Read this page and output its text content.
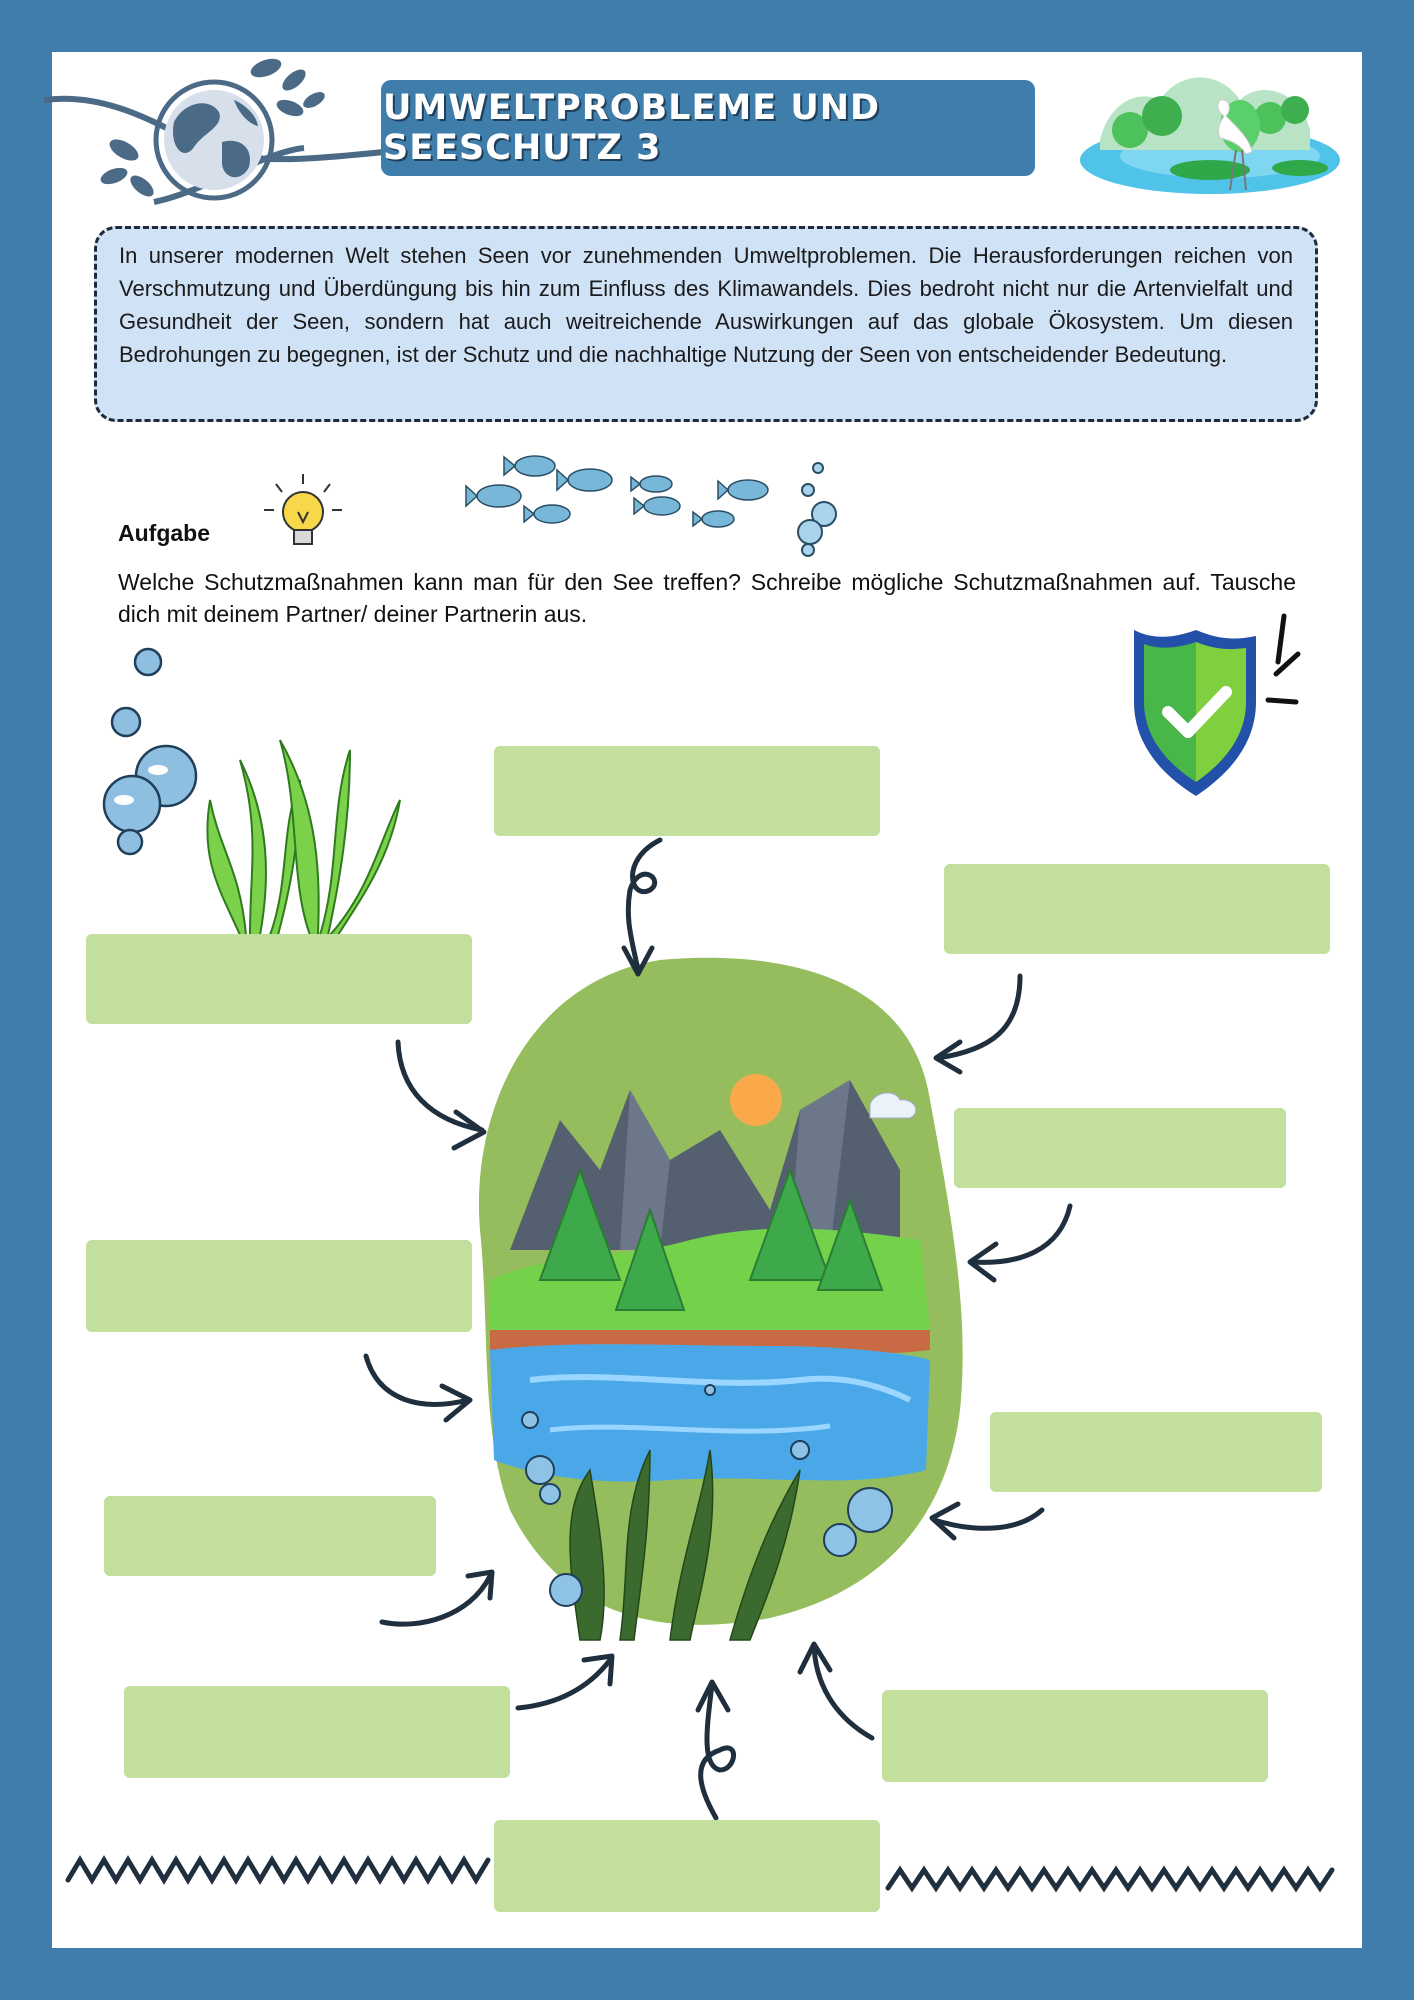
UMWELTPROBLEME UND SEESCHUTZ 3
In unserer modernen Welt stehen Seen vor zunehmenden Umweltproblemen. Die Herausforderungen reichen von Verschmutzung und Überdüngung bis hin zum Einfluss des Klimawandels. Dies bedroht nicht nur die Artenvielfalt und Gesundheit der Seen, sondern hat auch weitreichende Auswirkungen auf das globale Ökosystem. Um diesen Bedrohungen zu begegnen, ist der Schutz und die nachhaltige Nutzung der Seen von entscheidender Bedeutung.
Aufgabe
Welche Schutzmaßnahmen kann man für den See treffen? Schreibe mögliche Schutzmaßnahmen auf. Tausche dich mit deinem Partner/ deiner Partnerin aus.
